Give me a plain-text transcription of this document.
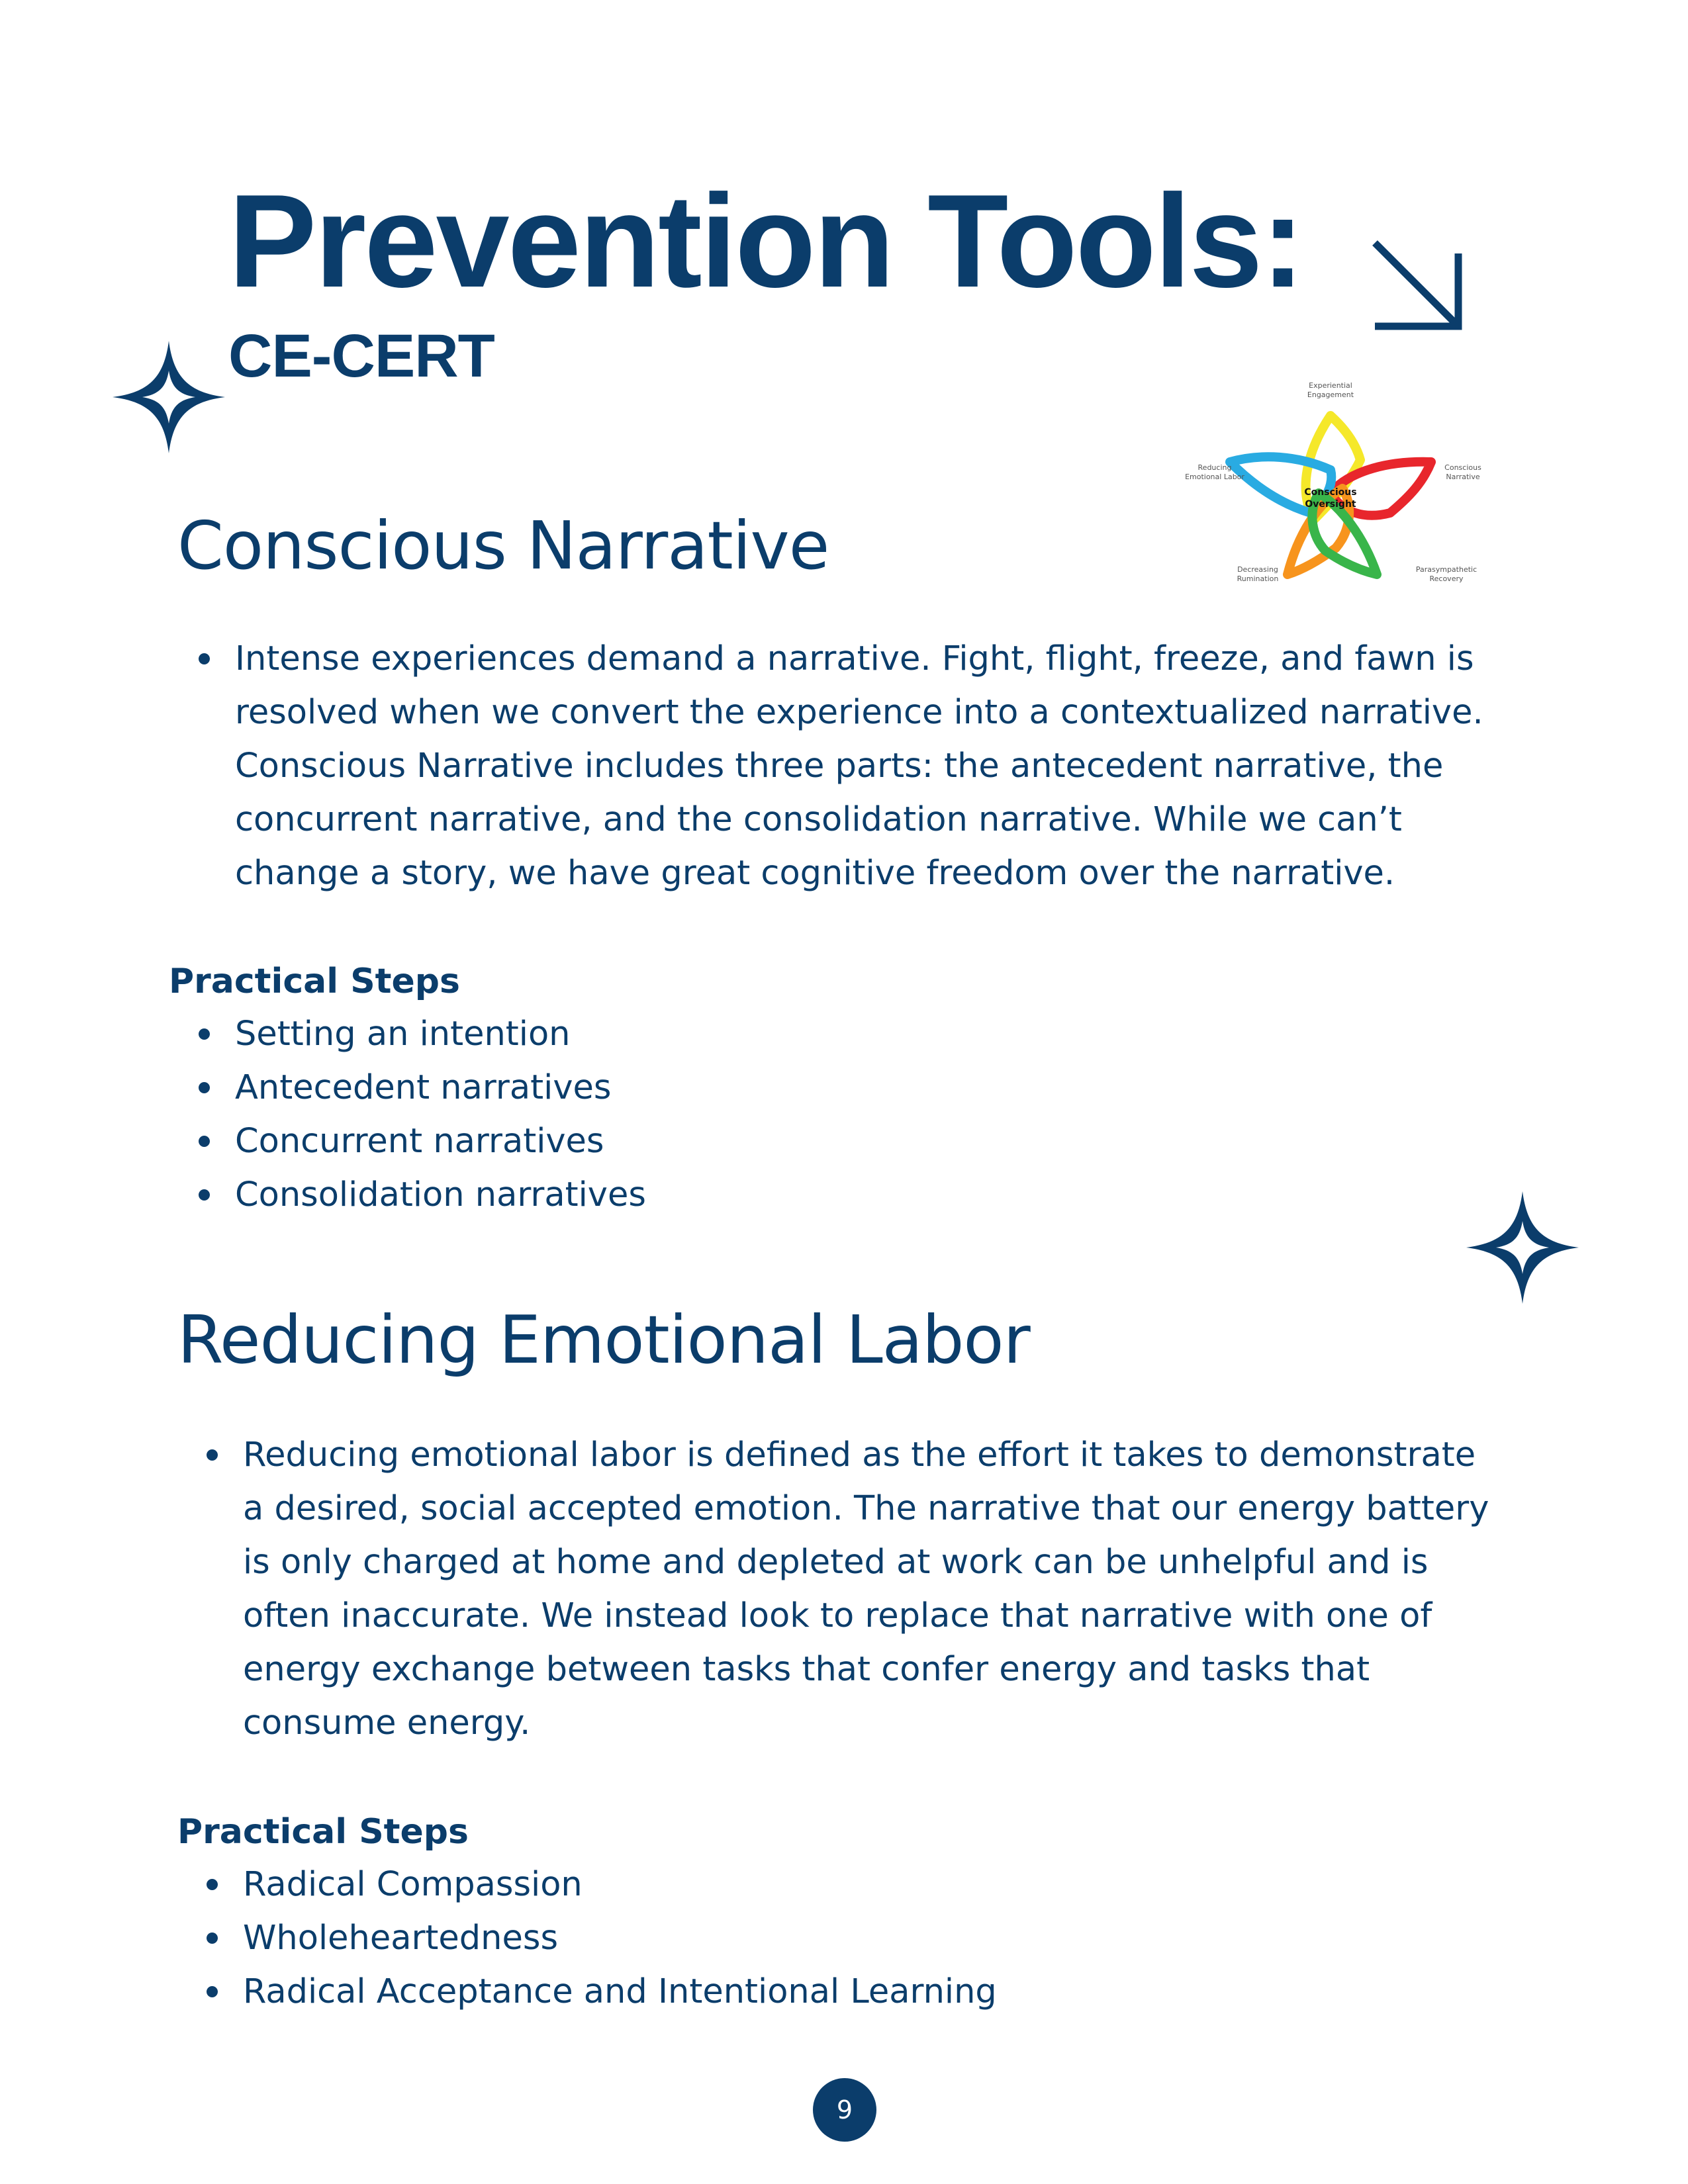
Prevention Tools:
CE-CERT
Conscious
Oversight
Experiential
Engagement
Reducing
Emotional Labor
Conscious
Narrative
Decreasing
Rumination
Parasympathetic
Recovery
Conscious Narrative
Intense experiences demand a narrative. Fight, flight, freeze, and fawn is
resolved when we convert the experience into a contextualized narrative.
Conscious Narrative includes three parts: the antecedent narrative, the
concurrent narrative, and the consolidation narrative. While we can’t
change a story, we have great cognitive freedom over the narrative.
Practical Steps
Setting an intention
Antecedent narratives
Concurrent narratives
Consolidation narratives
Reducing Emotional Labor
Reducing emotional labor is defined as the effort it takes to demonstrate
a desired, social accepted emotion. The narrative that our energy battery
is only charged at home and depleted at work can be unhelpful and is
often inaccurate. We instead look to replace that narrative with one of
energy exchange between tasks that confer energy and tasks that
consume energy.
Practical Steps
Radical Compassion
Wholeheartedness
Radical Acceptance and Intentional Learning
9
